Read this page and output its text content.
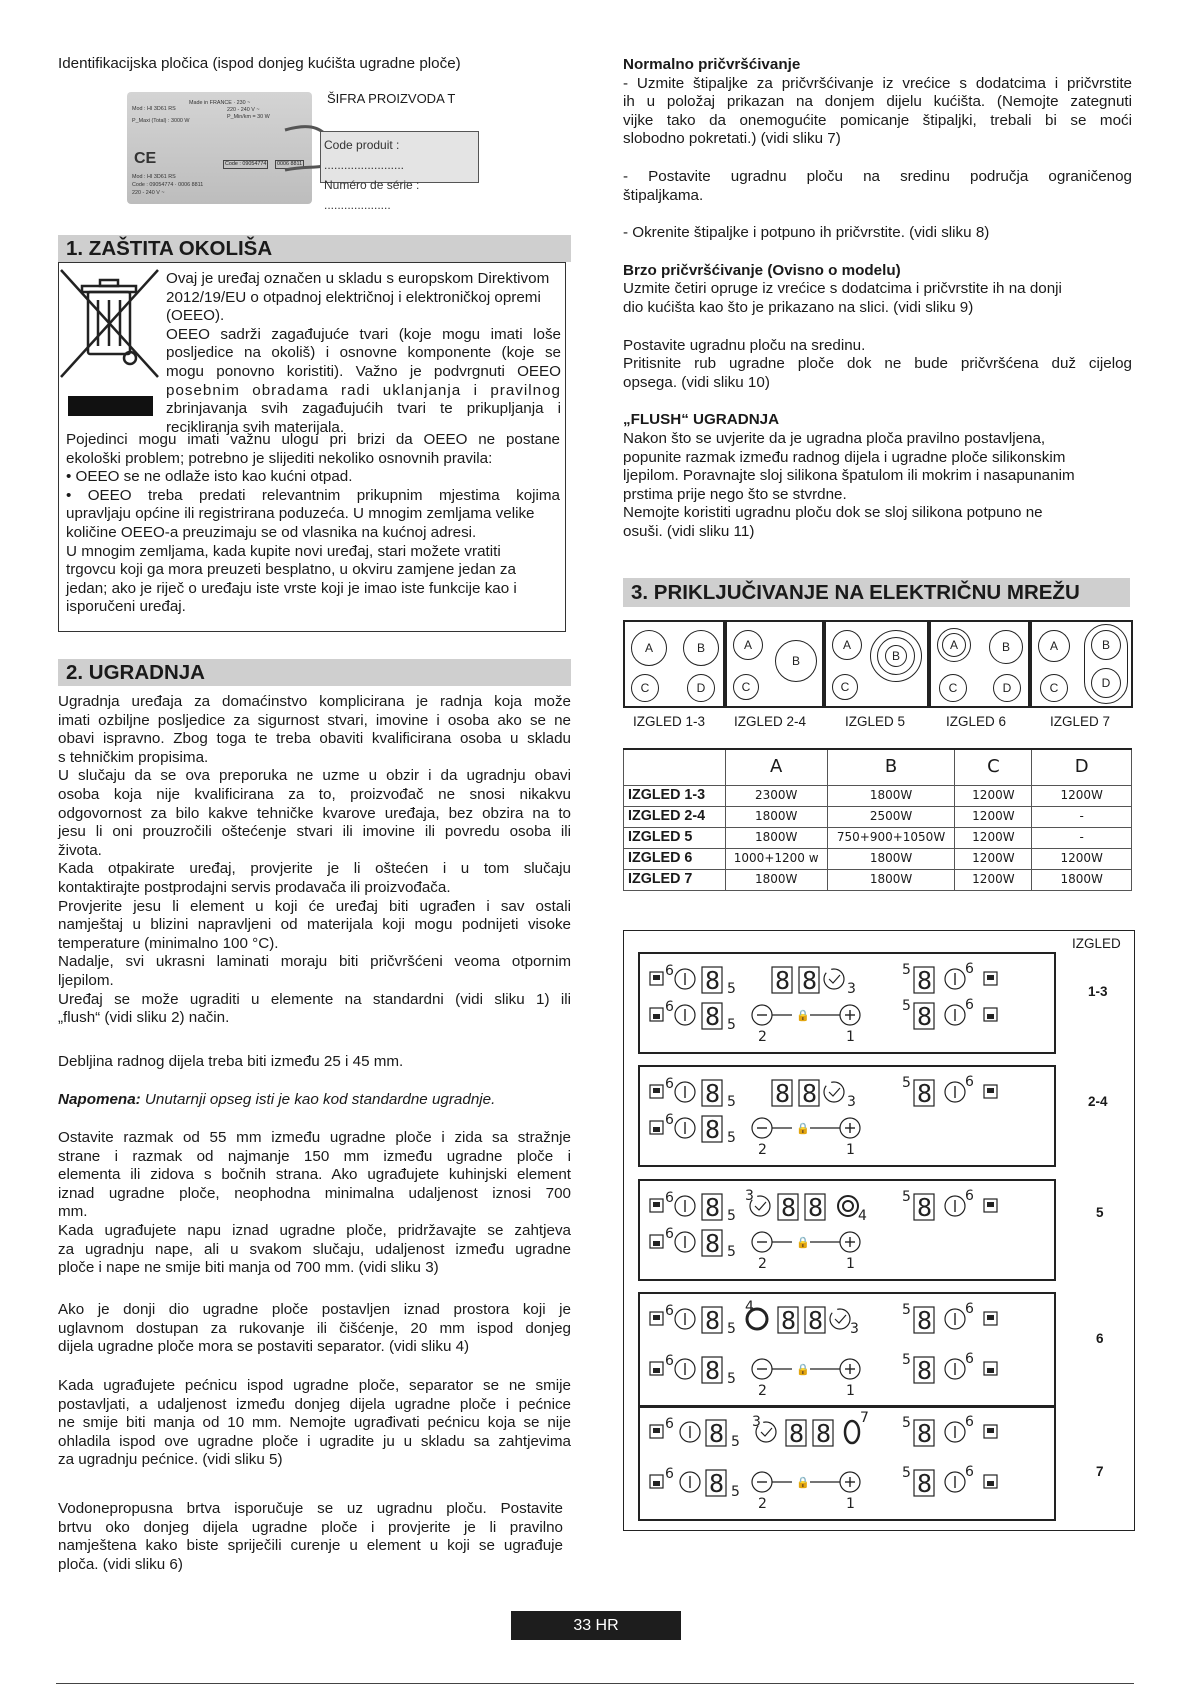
Identifikacijska pločica (ispod donjeg kućišta ugradne ploče)
Mod : HI 3D61 RS
Made in FRANCE · 230 ~
220 - 240 V ~
P_Maxi (Total) : 3000 W
P_Min/km = 30 W
CE	Code : 09054774	0006 8811
Mod : HI 3D61 RS
Code : 09054774 · 0006 8811
220 - 240 V ~
ŠIFRA PROIZVODA T
Code produit : ........................
Numéro de série : ....................
1. ZAŠTITA OKOLIŠA
Ovaj je uređaj označen u skladu s europskom Direktivom
2012/19/EU o otpadnoj električnoj i elektroničkoj opremi
(OEEO).
OEEO sadrži zagađujuće tvari (koje mogu imati loše
posljedice na okoliš) i osnovne komponente (koje se
mogu ponovno koristiti). Važno je podvrgnuti OEEO
posebnim obradama radi uklanjanja i pravilnog
zbrinjavanja svih zagađujućih tvari te prikupljanja i
recikliranja svih materijala.
Pojedinci mogu imati važnu ulogu pri brizi da OEEO ne postane
ekološki problem; potrebno je slijediti nekoliko osnovnih pravila:
• OEEO se ne odlaže isto kao kućni otpad.
• OEEO treba predati relevantnim prikupnim mjestima kojima
upravljaju općine ili registrirana poduzeća. U mnogim zemljama velike
količine OEEO-a preuzimaju se od vlasnika na kućnoj adresi.
U mnogim zemljama, kada kupite novi uređaj, stari možete vratiti
trgovcu koji ga mora preuzeti besplatno, u okviru zamjene jedan za
jedan; ako je riječ o uređaju iste vrste koji je imao iste funkcije kao i
isporučeni uređaj.
2. UGRADNJA
Ugradnja uređaja za domaćinstvo komplicirana je radnja koja može
imati ozbiljne posljedice za sigurnost stvari, imovine i osoba ako se ne
obavi ispravno. Zbog toga te treba obaviti kvalificirana osoba u skladu
s tehničkim propisima.
U slučaju da se ova preporuka ne uzme u obzir i da ugradnju obavi
osoba koja nije kvalificirana za to, proizvođač ne snosi nikakvu
odgovornost za bilo kakve tehničke kvarove uređaja, bez obzira na to
jesu li oni prouzročili oštećenje stvari ili imovine ili povredu osoba ili
života.
Kada otpakirate uređaj, provjerite je li oštećen i u tom slučaju
kontaktirajte postprodajni servis prodavača ili proizvođača.
Provjerite jesu li element u koji će uređaj biti ugrađen i sav ostali
namještaj u blizini napravljeni od materijala koji mogu podnijeti visoke
temperature (minimalno 100 °C).
Nadalje, svi ukrasni laminati moraju biti pričvršćeni veoma otpornim
ljepilom.
Uređaj se može ugraditi u elemente na standardni (vidi sliku 1) ili
„flush“ (vidi sliku 2) način.
Debljina radnog dijela treba biti između 25 i 45 mm.
Napomena: Unutarnji opseg isti je kao kod standardne ugradnje.
Ostavite razmak od 55 mm između ugradne ploče i zida sa stražnje
strane i razmak od najmanje 150 mm između ugradne ploče i
elementa ili zidova s bočnih strana. Ako ugrađujete kuhinjski element
iznad ugradne ploče, neophodna minimalna udaljenost iznosi 700
mm.
Kada ugrađujete napu iznad ugradne ploče, pridržavajte se zahtjeva
za ugradnju nape, ali u svakom slučaju, udaljenost između ugradne
ploče i nape ne smije biti manja od 700 mm. (vidi sliku 3)
Ako je donji dio ugradne ploče postavljen iznad prostora koji je
uglavnom dostupan za rukovanje ili čišćenje, 20 mm ispod donjeg
dijela ugradne ploče mora se postaviti separator. (vidi sliku 4)
Kada ugrađujete pećnicu ispod ugradne ploče, separator se ne smije
postavljati, a udaljenost između donjeg dijela ugradne ploče i pećnice
ne smije biti manja od 10 mm. Nemojte ugrađivati pećnicu koja se nije
ohladila ispod ove ugradne ploče i ugradite ju u skladu sa zahtjevima
za ugradnju pećnice. (vidi sliku 5)
Vodonepropusna brtva isporučuje se uz ugradnu ploču. Postavite
brtvu oko donjeg dijela ugradne ploče i provjerite je li pravilno
namještena kako biste spriječili curenje u element u koji se ugrađuje
ploča. (vidi sliku 6)
Normalno pričvršćivanje
- Uzmite štipaljke za pričvršćivanje iz vrećice s dodatcima i pričvrstite
ih u položaj prikazan na donjem dijelu kućišta. (Nemojte zategnuti
vijke tako da onemogućite pomicanje štipaljki, trebali bi se moći
slobodno pokretati.) (vidi sliku 7)
- Postavite ugradnu ploču na sredinu područja ograničenog
štipaljkama.
- Okrenite štipaljke i potpuno ih pričvrstite. (vidi sliku 8)
Brzo pričvršćivanje (Ovisno o modelu)
Uzmite četiri opruge iz vrećice s dodatcima i pričvrstite ih na donji
dio kućišta kao što je prikazano na slici. (vidi sliku 9)
Postavite ugradnu ploču na sredinu.
Pritisnite rub ugradne ploče dok ne bude pričvršćena duž cijelog
opsega. (vidi sliku 10)
„FLUSH“ UGRADNJA
Nakon što se uvjerite da je ugradna ploča pravilno postavljena,
popunite razmak između radnog dijela i ugradne ploče silikonskim
ljepilom. Poravnajte sloj silikona špatulom ili mokrim i nasapunanim
prstima prije nego što se stvrdne.
Nemojte koristiti ugradnu ploču dok se sloj silikona potpuno ne
osuši. (vidi sliku 11)
3. PRIKLJUČIVANJE NA ELEKTRIČNU MREŽU
A	B
C	D
A
B
C
A
B
C
A	B
C	D
A	B
D
C
IZGLED 1-3 IZGLED 2-4	IZGLED 5	IZGLED 6	IZGLED 7
	A	B	C	D
IZGLED 1-3	2300W	1800W	1200W	1200W
IZGLED 2-4	1800W	2500W	1200W	-
IZGLED 5	1800W	750+900+1050W	1200W	-
IZGLED 6	1000+1200 w	1800W	1200W	1200W
IZGLED 7	1800W	1800W	1200W	1800W
IZGLED
6 8 5 8 8 3
5 8 6
6 8 5
🔒
2	1
5 8 6
6 8 5 8 8 3
5 8 6
6 8 5
🔒
2	1
6 8 5
3 8 8 4
5 8 6
6 8 5
🔒
2	1
6 8 5
4 8 8 3
5 8 6
6 8 5
🔒
2	1
5 8 6
6 8 5
3 8 8
7 5 8 6
6 8 5
🔒
2	1
5 8 6
1-3
2-4
5
6
7
33 HR
